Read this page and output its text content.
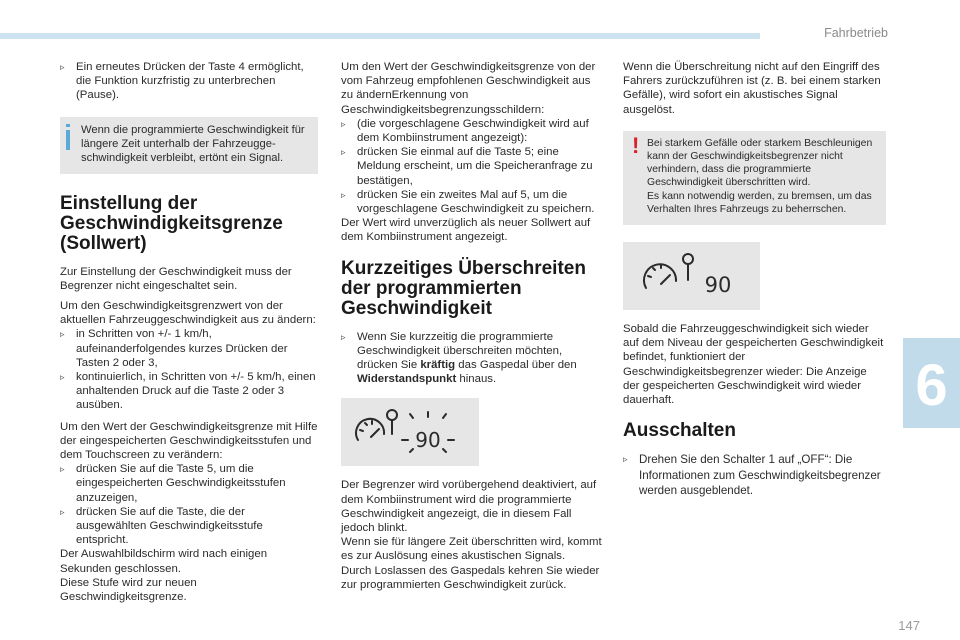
Fahrbetrieb
6
147
▹ Ein erneutes Drücken der Taste 4 ermöglicht, die Funktion kurzfristig zu unterbrechen (Pause).
Wenn die programmierte Geschwindigkeit für längere Zeit unterhalb der Fahrzeuggeschwindigkeit verbleibt, ertönt ein Signal.
Einstellung der Geschwindigkeitsgrenze (Sollwert)

Zur Einstellung der Geschwindigkeit muss der Begrenzer nicht eingeschaltet sein.

Um den Geschwindigkeitsgrenzwert von der aktuellen Fahrzeuggeschwindigkeit aus zu ändern:

▹ in Schritten von +/- 1 km/h, aufeinanderfolgendes kurzes Drücken der Tasten 2 oder 3,
▹ kontinuierlich, in Schritten von +/- 5 km/h, einen anhaltenden Druck auf die Taste 2 oder 3 ausüben.

Um den Wert der Geschwindigkeitsgrenze mit Hilfe der eingespeicherten Geschwindigkeitsstufen und dem Touchscreen zu verändern:

▹ drücken Sie auf die Taste 5, um die eingespeicherten Geschwindigkeitsstufen anzuzeigen,
▹ drücken Sie auf die Taste, die der ausgewählten Geschwindigkeitsstufe entspricht.

Der Auswahlbildschirm wird nach einigen Sekunden geschlossen.

Diese Stufe wird zur neuen Geschwindigkeitsgrenze.

Um den Wert der Geschwindigkeitsgrenze von der vom Fahrzeug empfohlenen Geschwindigkeit aus zu ändernErkennung von Geschwindigkeitsbegrenzungsschildern:

▹ (die vorgeschlagene Geschwindigkeit wird auf dem Kombiinstrument angezeigt):
▹ drücken Sie einmal auf die Taste 5; eine Meldung erscheint, um die Speicheranfrage zu bestätigen,
▹ drücken Sie ein zweites Mal auf 5, um die vorgeschlagene Geschwindigkeit zu speichern.

Der Wert wird unverzüglich als neuer Sollwert auf dem Kombiinstrument angezeigt.

Kurzzeitiges Überschreiten der programmierten Geschwindigkeit
▹ Wenn Sie kurzzeitig die programmierte Geschwindigkeit überschreiten möchten, drücken Sie kräftig das Gaspedal über den Widerstandspunkt hinaus.
90

Der Begrenzer wird vorübergehend deaktiviert, auf dem Kombiinstrument wird die programmierte Geschwindigkeit angezeigt, die in diesem Fall jedoch blinkt.

Wenn sie für längere Zeit überschritten wird, kommt es zur Auslösung eines akustischen Signals.

Durch Loslassen des Gaspedals kehren Sie wieder zur programmierten Geschwindigkeit zurück.

Wenn die Überschreitung nicht auf den Eingriff des Fahrers zurückzuführen ist (z. B. bei einem starken Gefälle), wird sofort ein akustisches Signal ausgelöst.

! Bei starkem Gefälle oder starkem Beschleunigen kann der Geschwindigkeitsbegrenzer nicht verhindern, dass die programmierte Geschwindigkeit überschritten wird.
Es kann notwendig werden, zu bremsen, um das Verhalten Ihres Fahrzeugs zu beherrschen.
90

Sobald die Fahrzeuggeschwindigkeit sich wieder auf dem Niveau der gespeicherten Geschwindigkeit befindet, funktioniert der Geschwindigkeitsbegrenzer wieder: Die Anzeige der gespeicherten Geschwindigkeit wird wieder dauerhaft.

Ausschalten
▹ Drehen Sie den Schalter 1 auf „OFF“: Die Informationen zum Geschwindigkeitsbegrenzer werden ausgeblendet.
